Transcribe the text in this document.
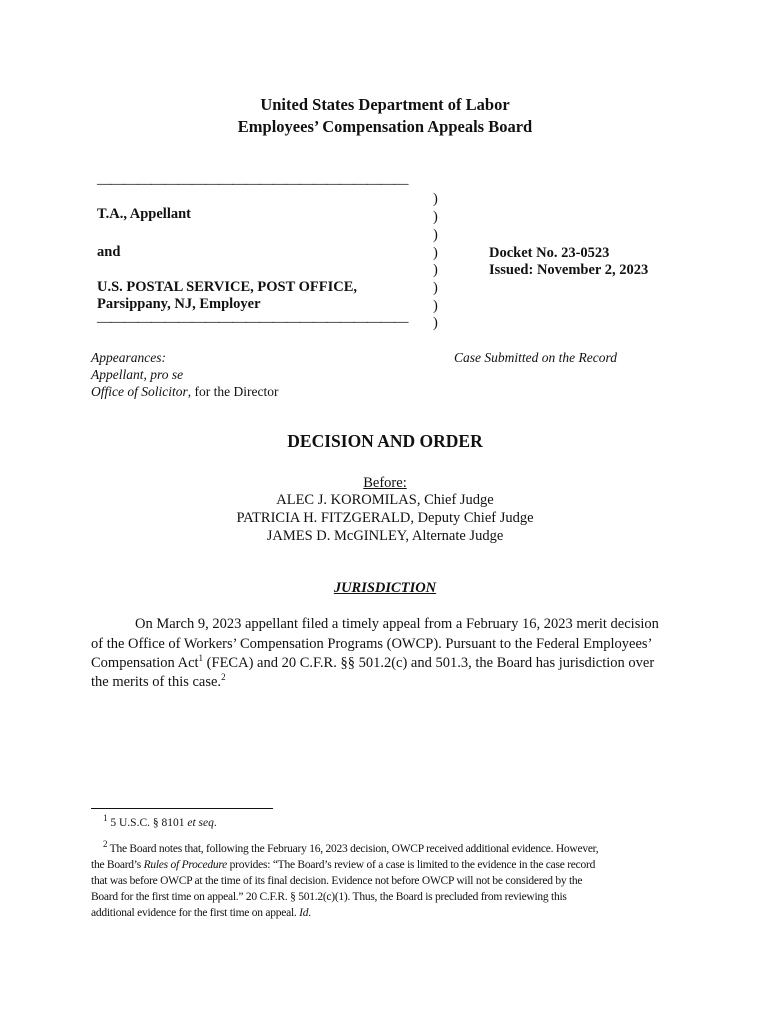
United States Department of Labor
Employees’ Compensation Appeals Board
———————————————————————
T.A., Appellant
and
U.S. POSTAL SERVICE, POST OFFICE,
Parsippany, NJ, Employer
———————————————————————
)
)
)
)
)
)
)
)
Docket No. 23-0523
Issued: November 2, 2023
Appearances:
Appellant, pro se
Office of Solicitor, for the Director
Case Submitted on the Record
DECISION AND ORDER
Before:
ALEC J. KOROMILAS, Chief Judge
PATRICIA H. FITZGERALD, Deputy Chief Judge
JAMES D. McGINLEY, Alternate Judge
JURISDICTION
On March 9, 2023 appellant filed a timely appeal from a February 16, 2023 merit decision
of the Office of Workers’ Compensation Programs (OWCP). Pursuant to the Federal Employees’
Compensation Act$^1$ (FECA) and 20 C.F.R. §§ 501.2(c) and 501.3, the Board has jurisdiction over
the merits of this case.$^2$
$^1$ 5 U.S.C. § 8101 et seq.
$^2$ The Board notes that, following the February 16, 2023 decision, OWCP received additional evidence. However,
the Board’s Rules of Procedure provides: “The Board’s review of a case is limited to the evidence in the case record
that was before OWCP at the time of its final decision. Evidence not before OWCP will not be considered by the
Board for the first time on appeal.” 20 C.F.R. § 501.2(c)(1). Thus, the Board is precluded from reviewing this
additional evidence for the first time on appeal. Id.
